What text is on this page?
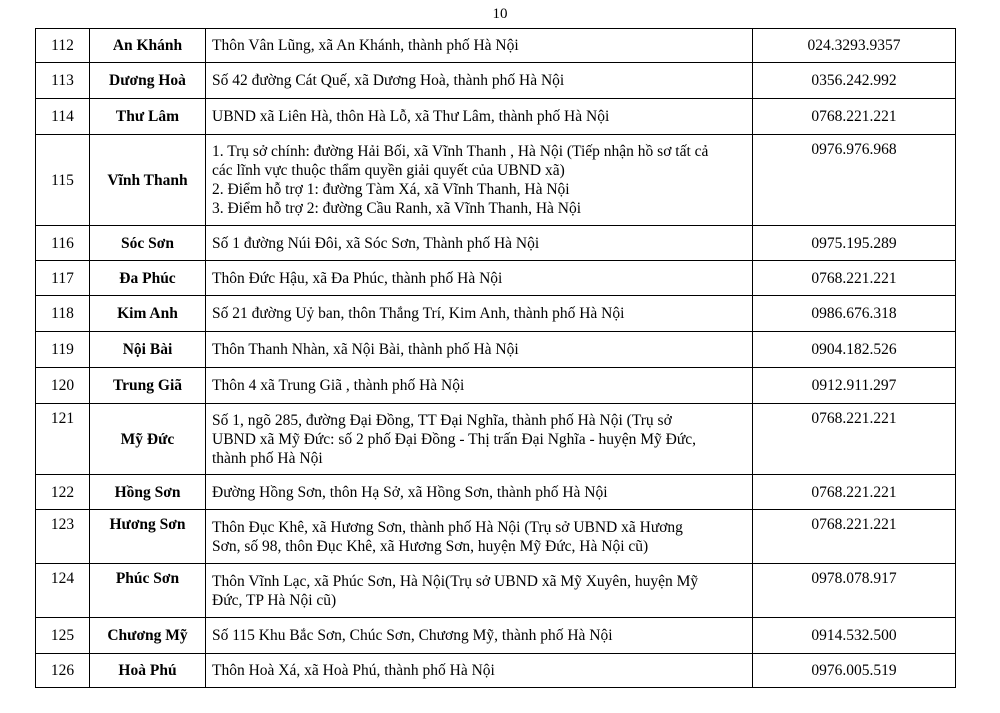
10
112	An Khánh	Thôn Vân Lũng, xã An Khánh, thành phố Hà Nội	024.3293.9357
113	Dương Hoà	Số 42 đường Cát Quế, xã Dương Hoà, thành phố Hà Nội	0356.242.992
114	Thư Lâm	UBND xã Liên Hà, thôn Hà Lỗ, xã Thư Lâm, thành phố Hà Nội	0768.221.221
115	Vĩnh Thanh	1. Trụ sở chính: đường Hải Bối, xã Vĩnh Thanh , Hà Nội (Tiếp nhận hồ sơ tất cả
các lĩnh vực thuộc thẩm quyền giải quyết của UBND xã)
2. Điểm hỗ trợ 1: đường Tàm Xá, xã Vĩnh Thanh, Hà Nội
3. Điểm hỗ trợ 2: đường Cầu Ranh, xã Vĩnh Thanh, Hà Nội	0976.976.968
116	Sóc Sơn	Số 1 đường Núi Đôi, xã Sóc Sơn, Thành phố Hà Nội	0975.195.289
117	Đa Phúc	Thôn Đức Hậu, xã Đa Phúc, thành phố Hà Nội	0768.221.221
118	Kim Anh	Số 21 đường Uỷ ban, thôn Thắng Trí, Kim Anh, thành phố Hà Nội	0986.676.318
119	Nội Bài	Thôn Thanh Nhàn, xã Nội Bài, thành phố Hà Nội	0904.182.526
120	Trung Giã	Thôn 4 xã Trung Giã , thành phố Hà Nội	0912.911.297
121	Mỹ Đức	Số 1, ngõ 285, đường Đại Đồng, TT Đại Nghĩa, thành phố Hà Nội (Trụ sở
UBND xã Mỹ Đức: số 2 phố Đại Đồng - Thị trấn Đại Nghĩa - huyện Mỹ Đức,
thành phố Hà Nội	0768.221.221
122	Hồng Sơn	Đường Hồng Sơn, thôn Hạ Sở, xã Hồng Sơn, thành phố Hà Nội	0768.221.221
123	Hương Sơn	Thôn Đục Khê, xã Hương Sơn, thành phố Hà Nội (Trụ sở UBND xã Hương
Sơn, số 98, thôn Đục Khê, xã Hương Sơn, huyện Mỹ Đức, Hà Nội cũ)	0768.221.221
124	Phúc Sơn	Thôn Vĩnh Lạc, xã Phúc Sơn, Hà Nội(Trụ sở UBND xã Mỹ Xuyên, huyện Mỹ
Đức, TP Hà Nội cũ)	0978.078.917
125	Chương Mỹ	Số 115 Khu Bắc Sơn, Chúc Sơn, Chương Mỹ, thành phố Hà Nội	0914.532.500
126	Hoà Phú	Thôn Hoà Xá, xã Hoà Phú, thành phố Hà Nội	0976.005.519
